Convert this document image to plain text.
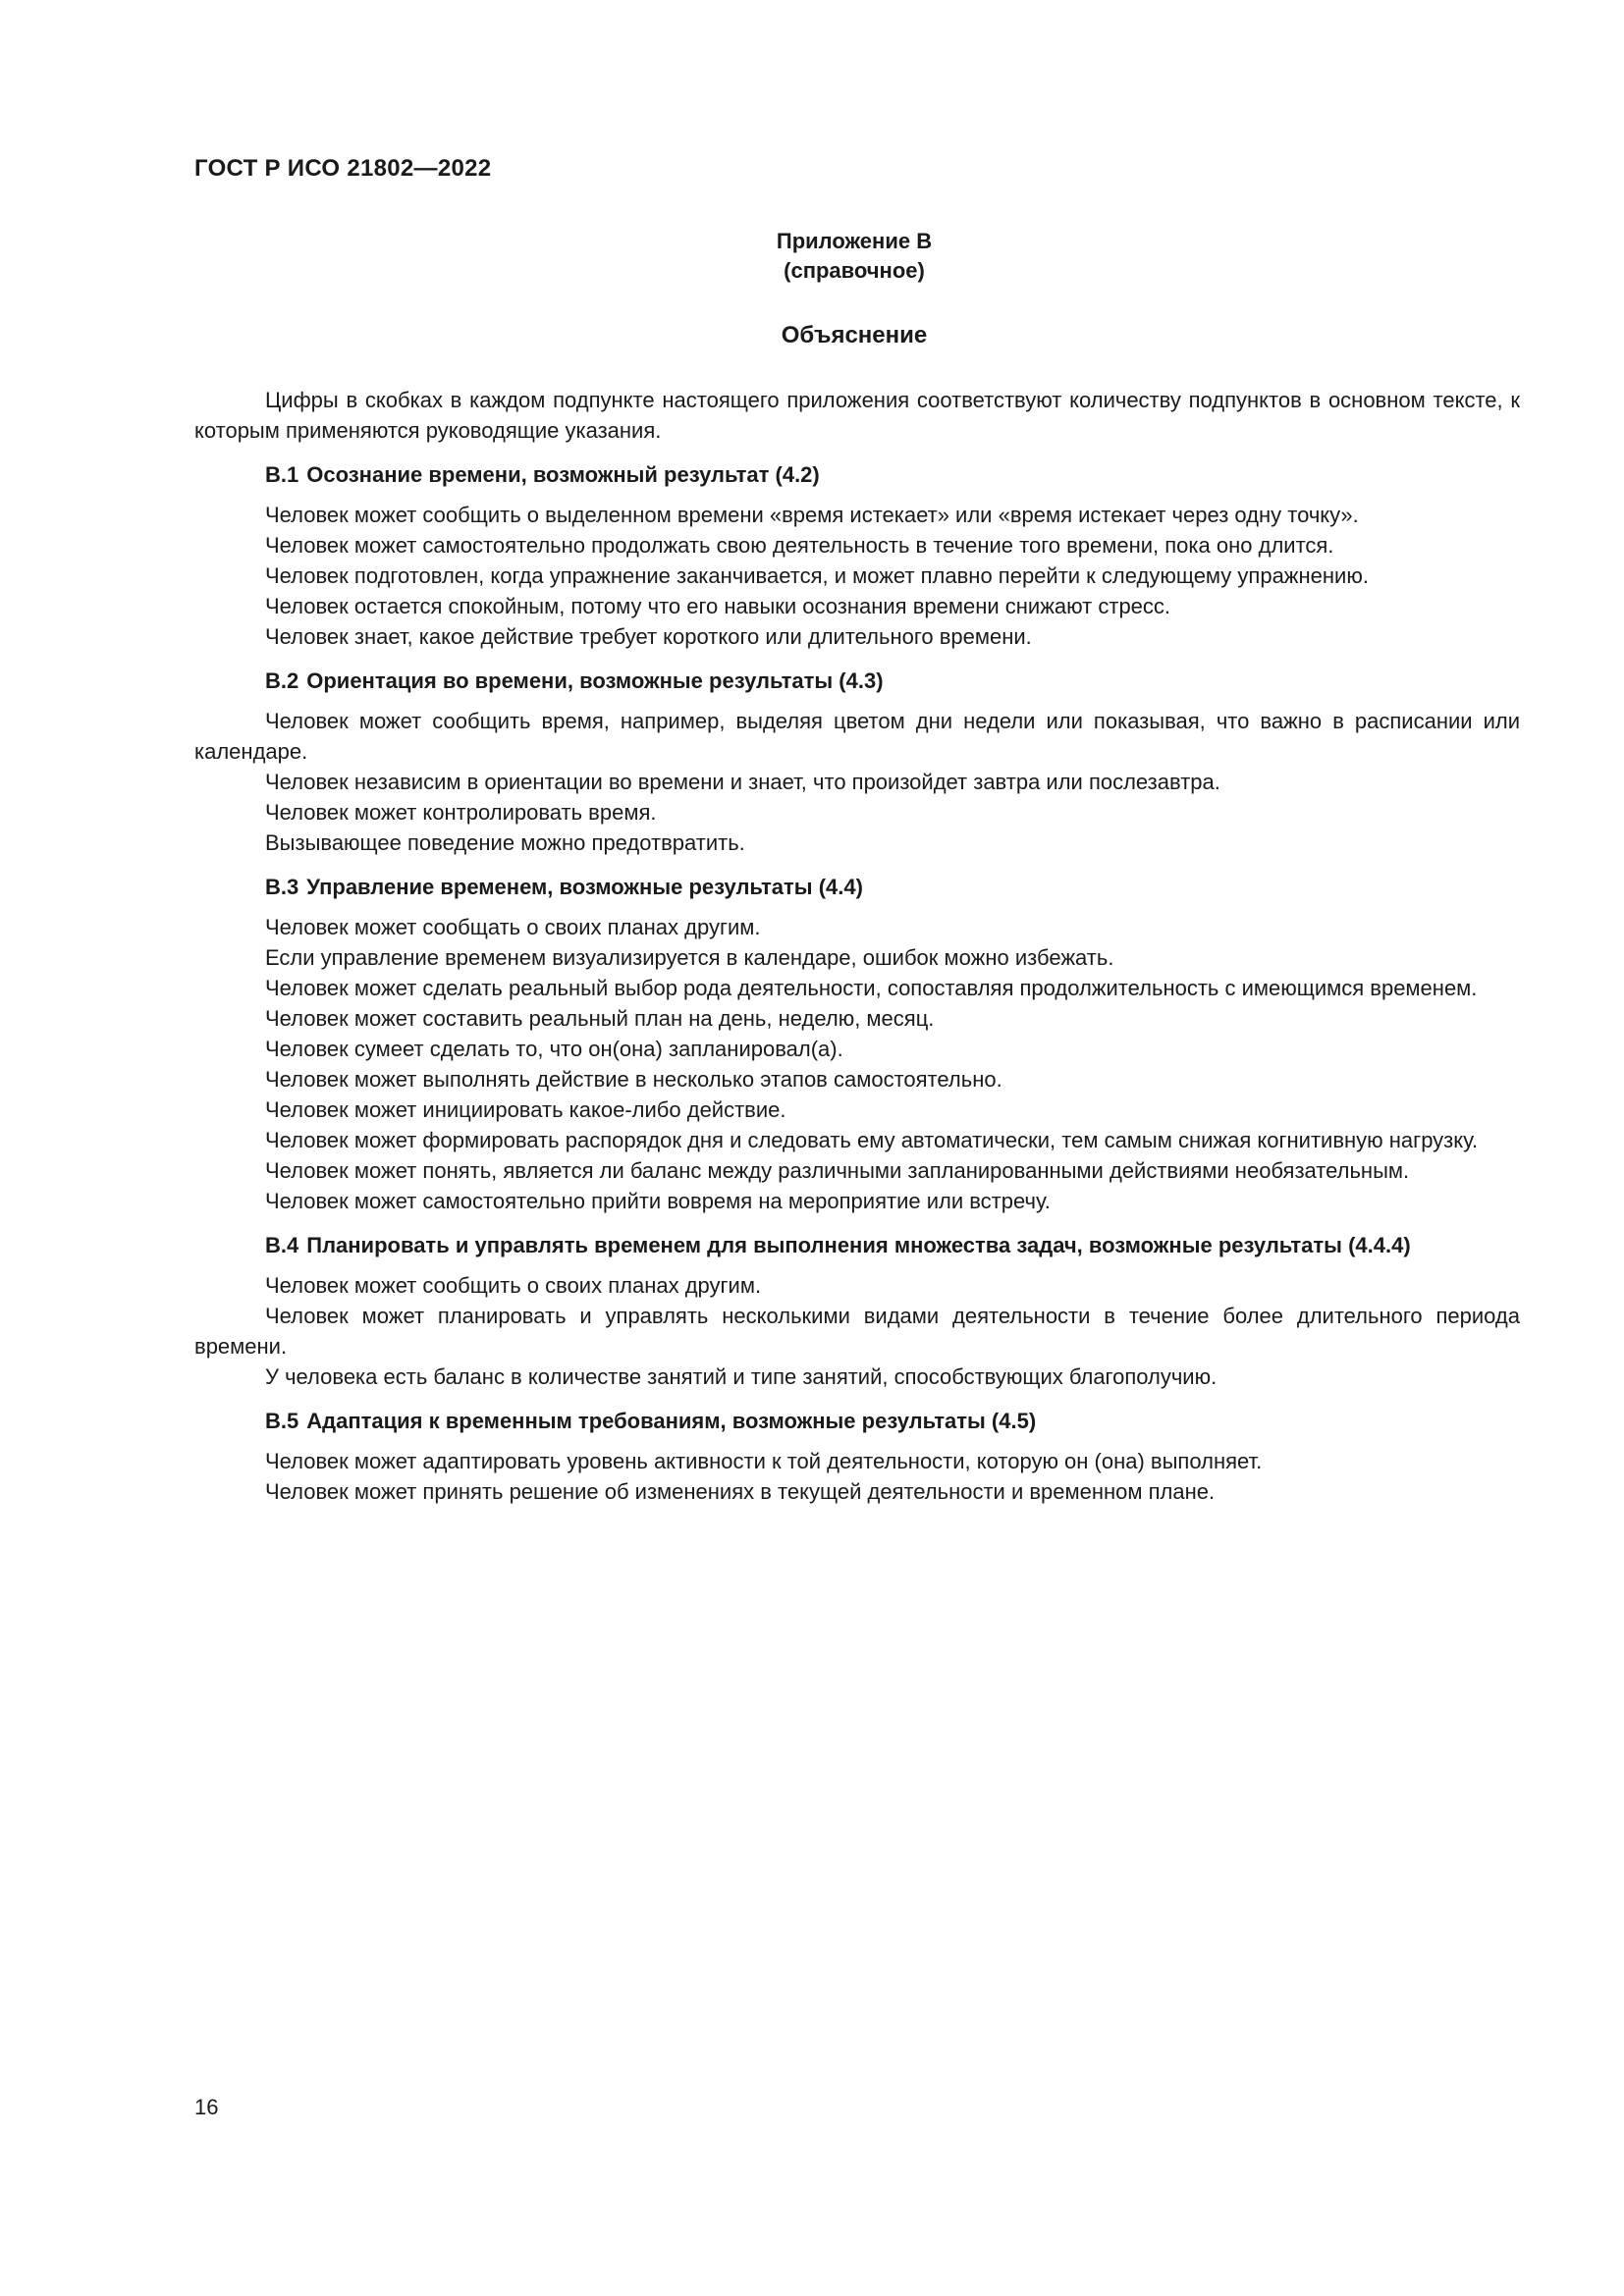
ГОСТ Р ИСО 21802—2022
Приложение В
(справочное)
Объяснение

Цифры в скобках в каждом подпункте настоящего приложения соответствуют количеству подпунктов в основном тексте, к которым применяются руководящие указания.

В.1 Осознание времени, возможный результат (4.2)

Человек может сообщить о выделенном времени «время истекает» или «время истекает через одну точку».

Человек может самостоятельно продолжать свою деятельность в течение того времени, пока оно длится.

Человек подготовлен, когда упражнение заканчивается, и может плавно перейти к следующему упражнению.

Человек остается спокойным, потому что его навыки осознания времени снижают стресс.

Человек знает, какое действие требует короткого или длительного времени.

В.2 Ориентация во времени, возможные результаты (4.3)

Человек может сообщить время, например, выделяя цветом дни недели или показывая, что важно в расписании или календаре.

Человек независим в ориентации во времени и знает, что произойдет завтра или послезавтра.

Человек может контролировать время.

Вызывающее поведение можно предотвратить.

В.3 Управление временем, возможные результаты (4.4)

Человек может сообщать о своих планах другим.

Если управление временем визуализируется в календаре, ошибок можно избежать.

Человек может сделать реальный выбор рода деятельности, сопоставляя продолжительность с имеющимся временем.

Человек может составить реальный план на день, неделю, месяц.

Человек сумеет сделать то, что он(она) запланировал(а).

Человек может выполнять действие в несколько этапов самостоятельно.

Человек может инициировать какое-либо действие.

Человек может формировать распорядок дня и следовать ему автоматически, тем самым снижая когнитивную нагрузку.

Человек может понять, является ли баланс между различными запланированными действиями необязательным.

Человек может самостоятельно прийти вовремя на мероприятие или встречу.

В.4 Планировать и управлять временем для выполнения множества задач, возможные результаты (4.4.4)

Человек может сообщить о своих планах другим.

Человек может планировать и управлять несколькими видами деятельности в течение более длительного периода времени.

У человека есть баланс в количестве занятий и типе занятий, способствующих благополучию.

В.5 Адаптация к временным требованиям, возможные результаты (4.5)

Человек может адаптировать уровень активности к той деятельности, которую он (она) выполняет.

Человек может принять решение об изменениях в текущей деятельности и временном плане.

16
